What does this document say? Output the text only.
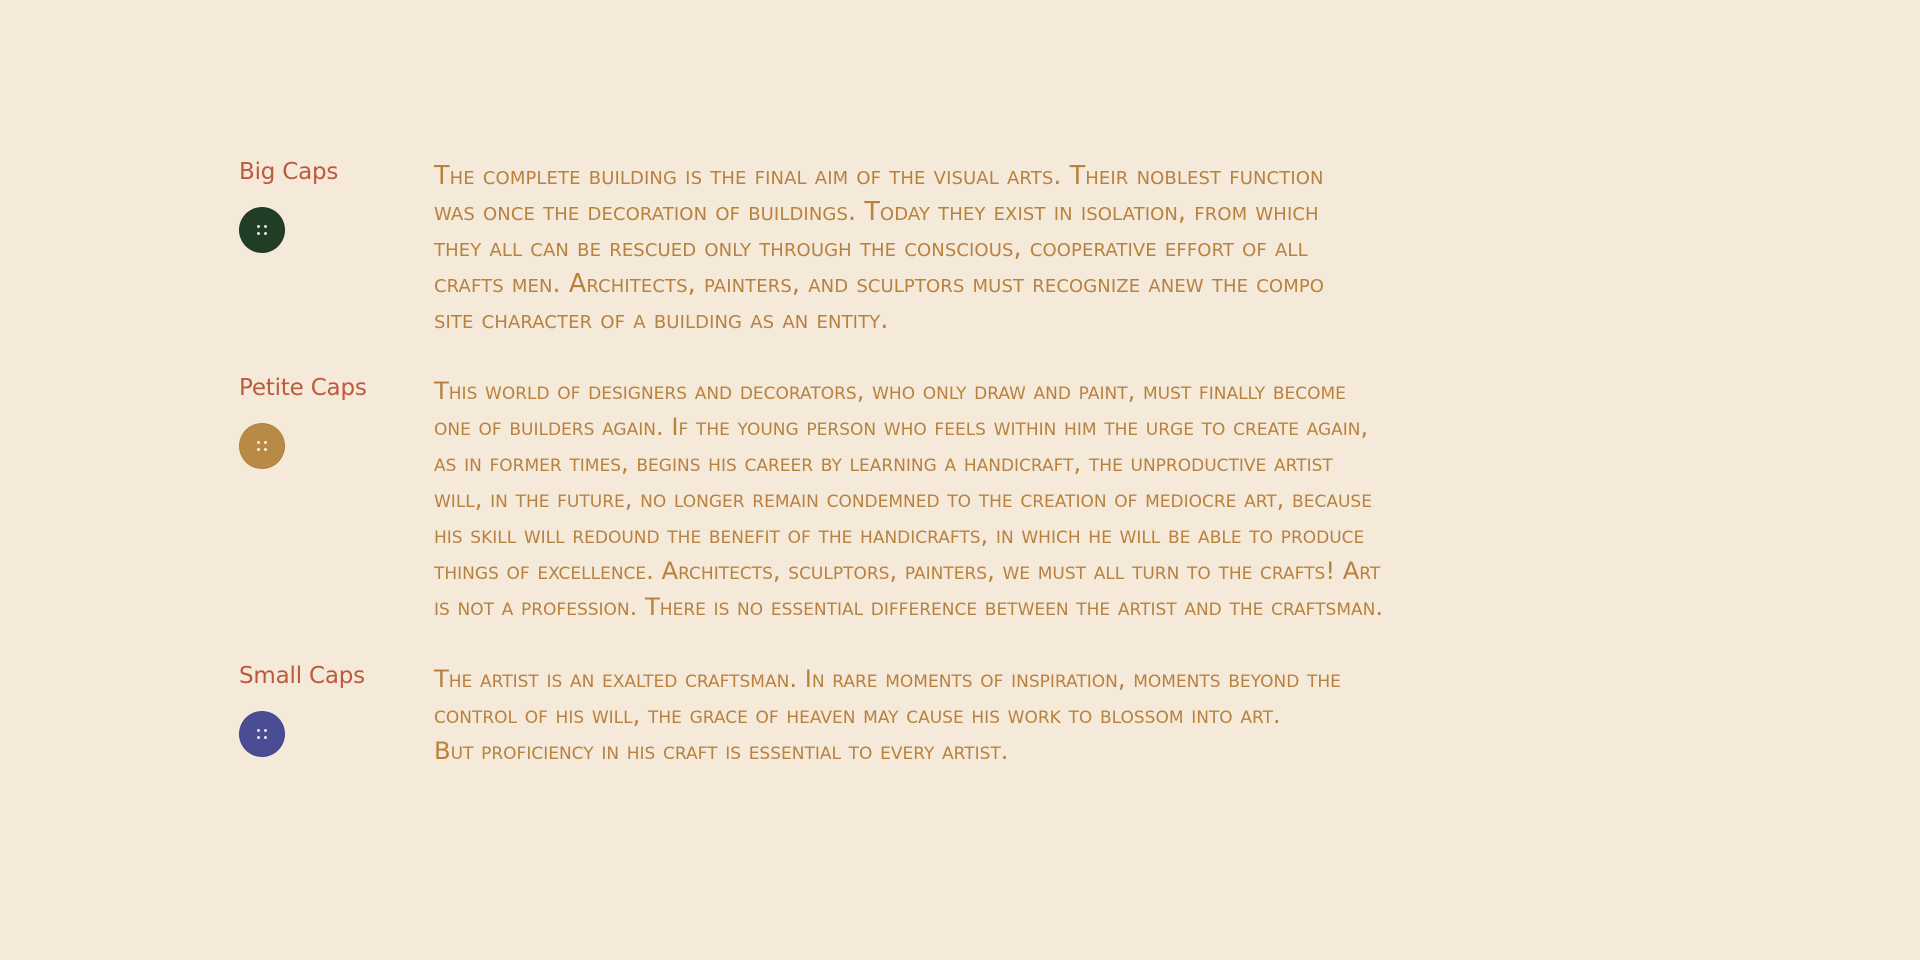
Big Caps	The complete building is the final aim of the visual arts. Their noblest function
was once the decoration of buildings. Today they exist in isolation, from which
they all can be rescued only through the conscious, cooperative effort of all
crafts men. Architects, painters, and sculptors must recognize anew the compo
site character of a building as an entity.

Petite Caps	This world of designers and decorators, who only draw and paint, must finally become
one of builders again. If the young person who feels within him the urge to create again,
as in former times, begins his career by learning a handicraft, the unproductive artist
will, in the future, no longer remain condemned to the creation of mediocre art, because
his skill will redound the benefit of the handicrafts, in which he will be able to produce
things of excellence. Architects, sculptors, painters, we must all turn to the crafts! Art
is not a profession. There is no essential difference between the artist and the craftsman.

Small Caps	The artist is an exalted craftsman. In rare moments of inspiration, moments beyond the
control of his will, the grace of heaven may cause his work to blossom into art.
But proficiency in his craft is essential to every artist.
